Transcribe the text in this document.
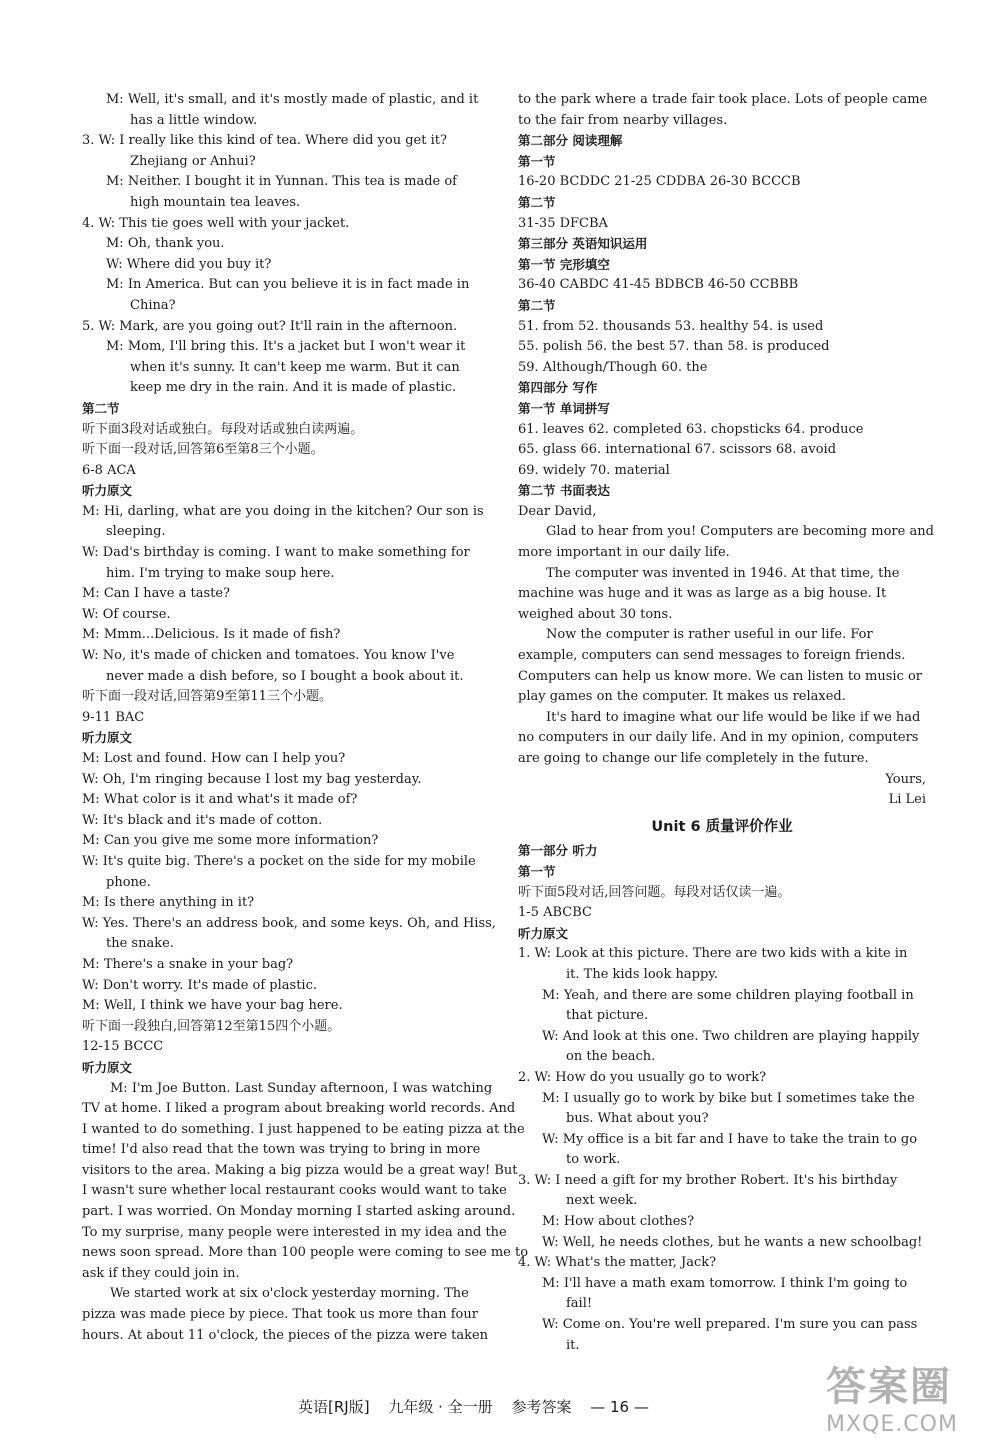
M: Well, it's small, and it's mostly made of plastic, and it
has a little window.
3. W: I really like this kind of tea. Where did you get it?
Zhejiang or Anhui?
M: Neither. I bought it in Yunnan. This tea is made of
high mountain tea leaves.
4. W: This tie goes well with your jacket.
M: Oh, thank you.
W: Where did you buy it?
M: In America. But can you believe it is in fact made in
China?
5. W: Mark, are you going out? It'll rain in the afternoon.
M: Mom, I'll bring this. It's a jacket but I won't wear it
when it's sunny. It can't keep me warm. But it can
keep me dry in the rain. And it is made of plastic.
第二节
听下面3段对话或独白。每段对话或独白读两遍。
听下面一段对话,回答第6至第8三个小题。
6-8 ACA
听力原文
M: Hi, darling, what are you doing in the kitchen? Our son is
sleeping.
W: Dad's birthday is coming. I want to make something for
him. I'm trying to make soup here.
M: Can I have a taste?
W: Of course.
M: Mmm...Delicious. Is it made of fish?
W: No, it's made of chicken and tomatoes. You know I've
never made a dish before, so I bought a book about it.
听下面一段对话,回答第9至第11三个小题。
9-11 BAC
听力原文
M: Lost and found. How can I help you?
W: Oh, I'm ringing because I lost my bag yesterday.
M: What color is it and what's it made of?
W: It's black and it's made of cotton.
M: Can you give me some more information?
W: It's quite big. There's a pocket on the side for my mobile
phone.
M: Is there anything in it?
W: Yes. There's an address book, and some keys. Oh, and Hiss,
the snake.
M: There's a snake in your bag?
W: Don't worry. It's made of plastic.
M: Well, I think we have your bag here.
听下面一段独白,回答第12至第15四个小题。
12-15 BCCC
听力原文
M: I'm Joe Button. Last Sunday afternoon, I was watching
TV at home. I liked a program about breaking world records. And
I wanted to do something. I just happened to be eating pizza at the
time! I'd also read that the town was trying to bring in more
visitors to the area. Making a big pizza would be a great way! But
I wasn't sure whether local restaurant cooks would want to take
part. I was worried. On Monday morning I started asking around.
To my surprise, many people were interested in my idea and the
news soon spread. More than 100 people were coming to see me to
ask if they could join in.
We started work at six o'clock yesterday morning. The
pizza was made piece by piece. That took us more than four
hours. At about 11 o'clock, the pieces of the pizza were taken
to the park where a trade fair took place. Lots of people came
to the fair from nearby villages.
第二部分 阅读理解
第一节
16-20 BCDDC 21-25 CDDBA 26-30 BCCCB
第二节
31-35 DFCBA
第三部分 英语知识运用
第一节 完形填空
36-40 CABDC 41-45 BDBCB 46-50 CCBBB
第二节
51. from 52. thousands 53. healthy 54. is used
55. polish 56. the best 57. than 58. is produced
59. Although/Though 60. the
第四部分 写作
第一节 单词拼写
61. leaves 62. completed 63. chopsticks 64. produce
65. glass 66. international 67. scissors 68. avoid
69. widely 70. material
第二节 书面表达
Dear David,
Glad to hear from you! Computers are becoming more and
more important in our daily life.
The computer was invented in 1946. At that time, the
machine was huge and it was as large as a big house. It
weighed about 30 tons.
Now the computer is rather useful in our life. For
example, computers can send messages to foreign friends.
Computers can help us know more. We can listen to music or
play games on the computer. It makes us relaxed.
It's hard to imagine what our life would be like if we had
no computers in our daily life. And in my opinion, computers
are going to change our life completely in the future.
Yours,
Li Lei
Unit 6 质量评价作业
第一部分 听力
第一节
听下面5段对话,回答问题。每段对话仅读一遍。
1-5 ABCBC
听力原文
1. W: Look at this picture. There are two kids with a kite in
it. The kids look happy.
M: Yeah, and there are some children playing football in
that picture.
W: And look at this one. Two children are playing happily
on the beach.
2. W: How do you usually go to work?
M: I usually go to work by bike but I sometimes take the
bus. What about you?
W: My office is a bit far and I have to take the train to go
to work.
3. W: I need a gift for my brother Robert. It's his birthday
next week.
M: How about clothes?
W: Well, he needs clothes, but he wants a new schoolbag!
4. W: What's the matter, Jack?
M: I'll have a math exam tomorrow. I think I'm going to
fail!
W: Come on. You're well prepared. I'm sure you can pass
it.
英语[RJ版] 九年级 · 全一册 参考答案 — 16 —	答案圈
MXQE.COM
